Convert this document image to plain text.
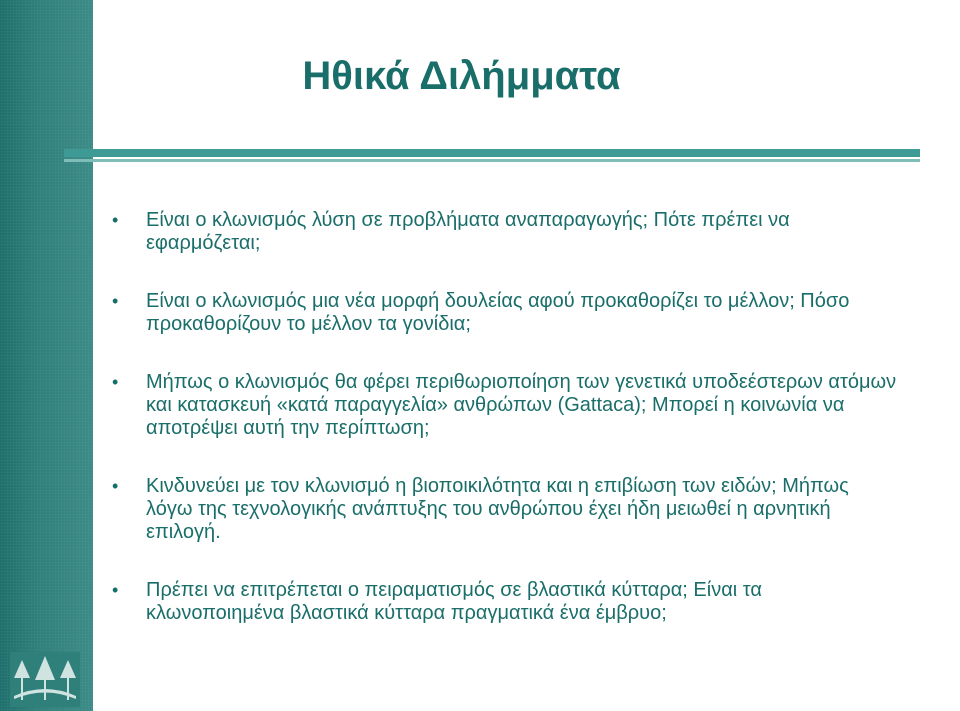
Ηθικά Διλήμματα
• Είναι ο κλωνισμός λύση σε προβλήματα αναπαραγωγής; Πότε πρέπει να εφαρμόζεται;
• Είναι ο κλωνισμός μια νέα μορφή δουλείας αφού προκαθορίζει το μέλλον; Πόσο προκαθορίζουν το μέλλον τα γονίδια;
• Μήπως ο κλωνισμός θα φέρει περιθωριοποίηση των γενετικά υποδεέστερων ατόμων και κατασκευή «κατά παραγγελία» ανθρώπων (Gattaca); Μπορεί η κοινωνία να αποτρέψει αυτή την περίπτωση;
• Κινδυνεύει με τον κλωνισμό η βιοποικιλότητα και η επιβίωση των ειδών; Μήπως λόγω της τεχνολογικής ανάπτυξης του ανθρώπου έχει ήδη μειωθεί η αρνητική επιλογή.
• Πρέπει να επιτρέπεται ο πειραματισμός σε βλαστικά κύτταρα; Είναι τα κλωνοποιημένα βλαστικά κύτταρα πραγματικά ένα έμβρυο;
